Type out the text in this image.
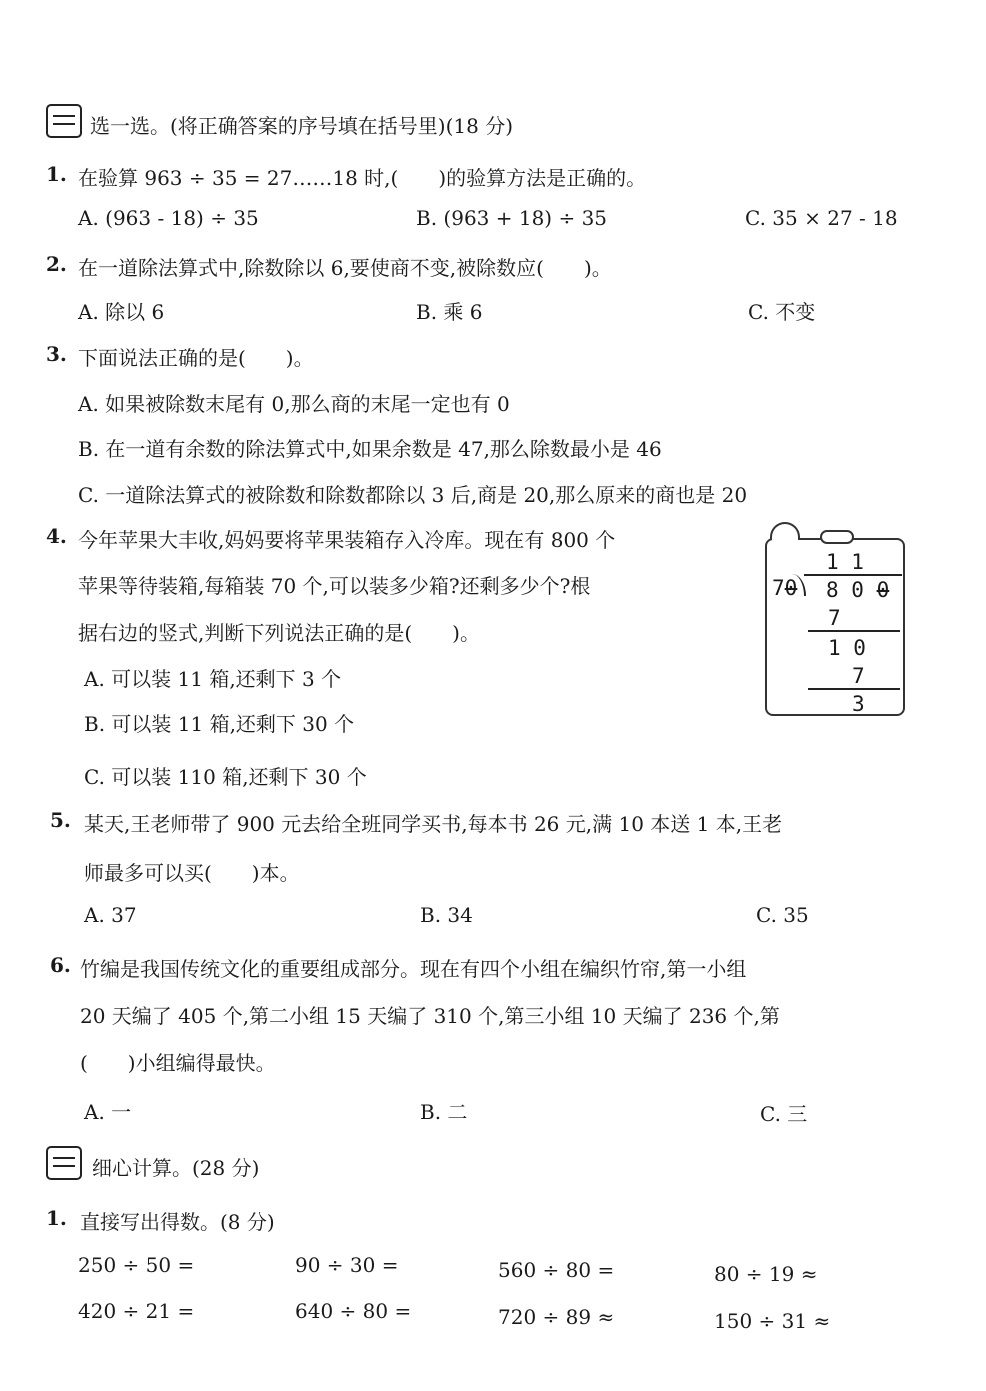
选一选。(将正确答案的序号填在括号里)(18 分)
1. 在验算 963 ÷ 35 = 27……18 时,(　　)的验算方法是正确的。
A. (963 - 18) ÷ 35	B. (963 + 18) ÷ 35	C. 35 × 27 - 18
2. 在一道除法算式中,除数除以 6,要使商不变,被除数应(　　)。
A. 除以 6	B. 乘 6	C. 不变
3. 下面说法正确的是(　　)。
A. 如果被除数末尾有 0,那么商的末尾一定也有 0
B. 在一道有余数的除法算式中,如果余数是 47,那么除数最小是 46
C. 一道除法算式的被除数和除数都除以 3 后,商是 20,那么原来的商也是 20
4. 今年苹果大丰收,妈妈要将苹果装箱存入冷库。现在有 800 个
苹果等待装箱,每箱装 70 个,可以装多少箱?还剩多少个?根
据右边的竖式,判断下列说法正确的是(　　)。
A. 可以装 11 箱,还剩下 3 个
B. 可以装 11 箱,还剩下 30 个
C. 可以装 110 箱,还剩下 30 个
1 1
70 8 0 0
7
1 0
7
3
5. 某天,王老师带了 900 元去给全班同学买书,每本书 26 元,满 10 本送 1 本,王老
师最多可以买(　　)本。
A. 37	B. 34	C. 35
6. 竹编是我国传统文化的重要组成部分。现在有四个小组在编织竹帘,第一小组
20 天编了 405 个,第二小组 15 天编了 310 个,第三小组 10 天编了 236 个,第
(　　)小组编得最快。
A. 一	B. 二	C. 三
细心计算。(28 分)
1. 直接写出得数。(8 分)
250 ÷ 50 =	90 ÷ 30 =	560 ÷ 80 =	80 ÷ 19 ≈
420 ÷ 21 =	640 ÷ 80 =	720 ÷ 89 ≈	150 ÷ 31 ≈
